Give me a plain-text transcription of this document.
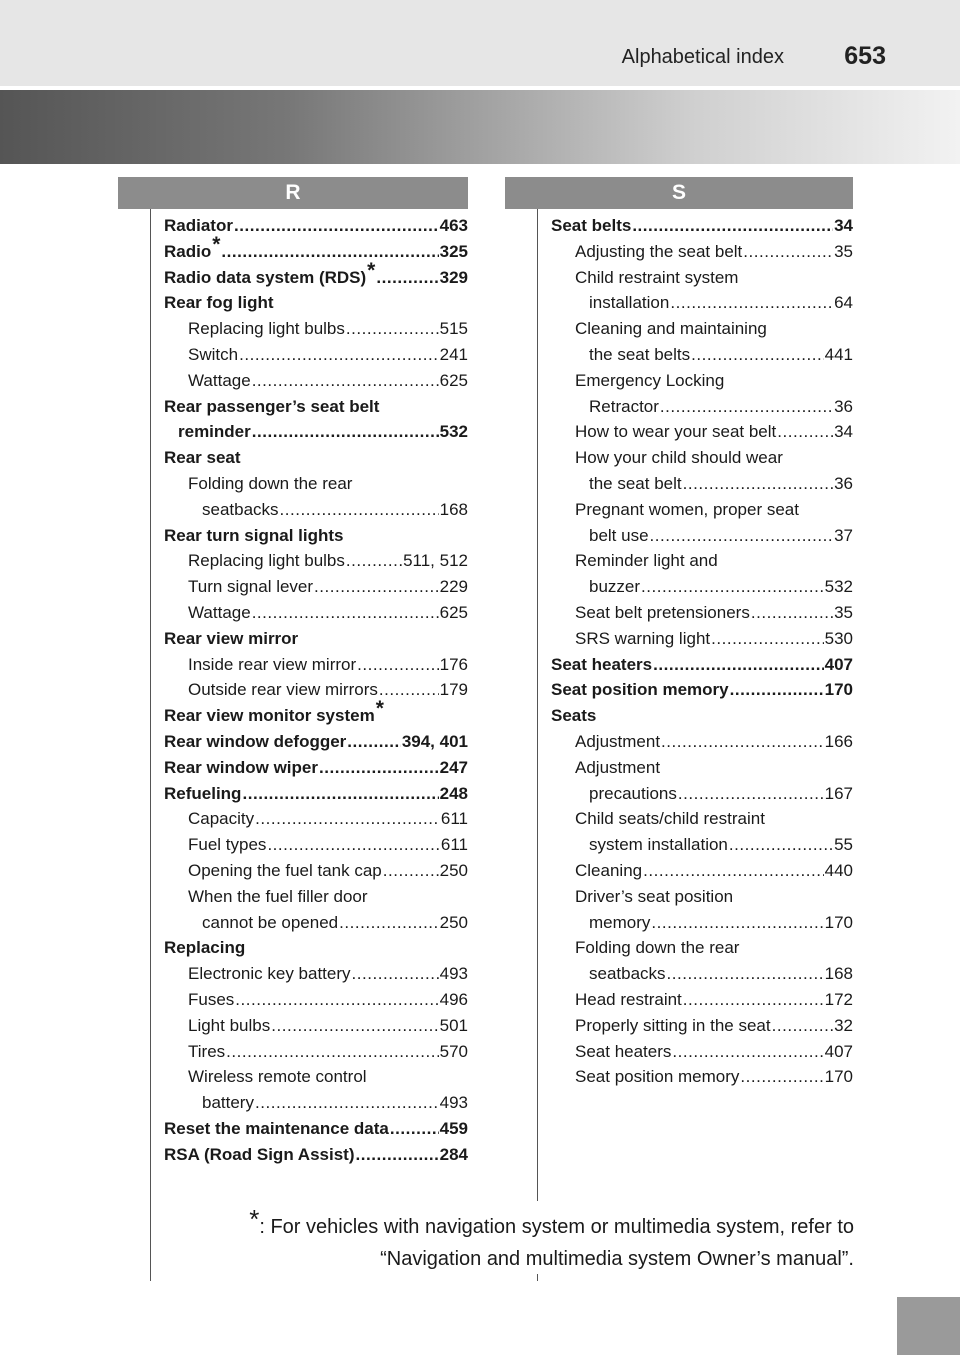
Alphabetical index 653
R	S
Radiator . . .	463
Radio* . . .	325
Radio data system (RDS)* . . .	329
Rear fog light
Replacing light bulbs . . .	515
Switch . . .	241
Wattage . . .	625
Rear passenger’s seat belt
reminder . . .	532
Rear seat
Folding down the rear
seatbacks . . .	168
Rear turn signal lights
Replacing light bulbs . . .	511, 512
Turn signal lever . . .	229
Wattage . . .	625
Rear view mirror
Inside rear view mirror . . .	176
Outside rear view mirrors . . .	179
Rear view monitor system*
Rear window defogger . . .	394, 401
Rear window wiper . . .	247
Refueling . . .	248
Capacity . . .	611
Fuel types . . .	611
Opening the fuel tank cap . . .	250
When the fuel filler door
cannot be opened . . .	250
Replacing
Electronic key battery . . .	493
Fuses . . .	496
Light bulbs . . .	501
Tires . . .	570
Wireless remote control
battery . . .	493
Reset the maintenance data . . .	459
RSA (Road Sign Assist) . . .	284
Seat belts . . .	34
Adjusting the seat belt . . .	35
Child restraint system
installation . . .	64
Cleaning and maintaining
the seat belts . . .	441
Emergency Locking
Retractor . . .	36
How to wear your seat belt . . .	34
How your child should wear
the seat belt . . .	36
Pregnant women, proper seat
belt use . . .	37
Reminder light and
buzzer . . .	532
Seat belt pretensioners . . .	35
SRS warning light . . .	530
Seat heaters . . .	407
Seat position memory . . .	170
Seats
Adjustment . . .	166
Adjustment
precautions . . .	167
Child seats/child restraint
system installation . . .	55
Cleaning . . .	440
Driver’s seat position
memory . . .	170
Folding down the rear
seatbacks . . .	168
Head restraint . . .	172
Properly sitting in the seat . . .	32
Seat heaters . . .	407
Seat position memory . . .	170
*: For vehicles with navigation system or multimedia system, refer to
“Navigation and multimedia system Owner’s manual”.
